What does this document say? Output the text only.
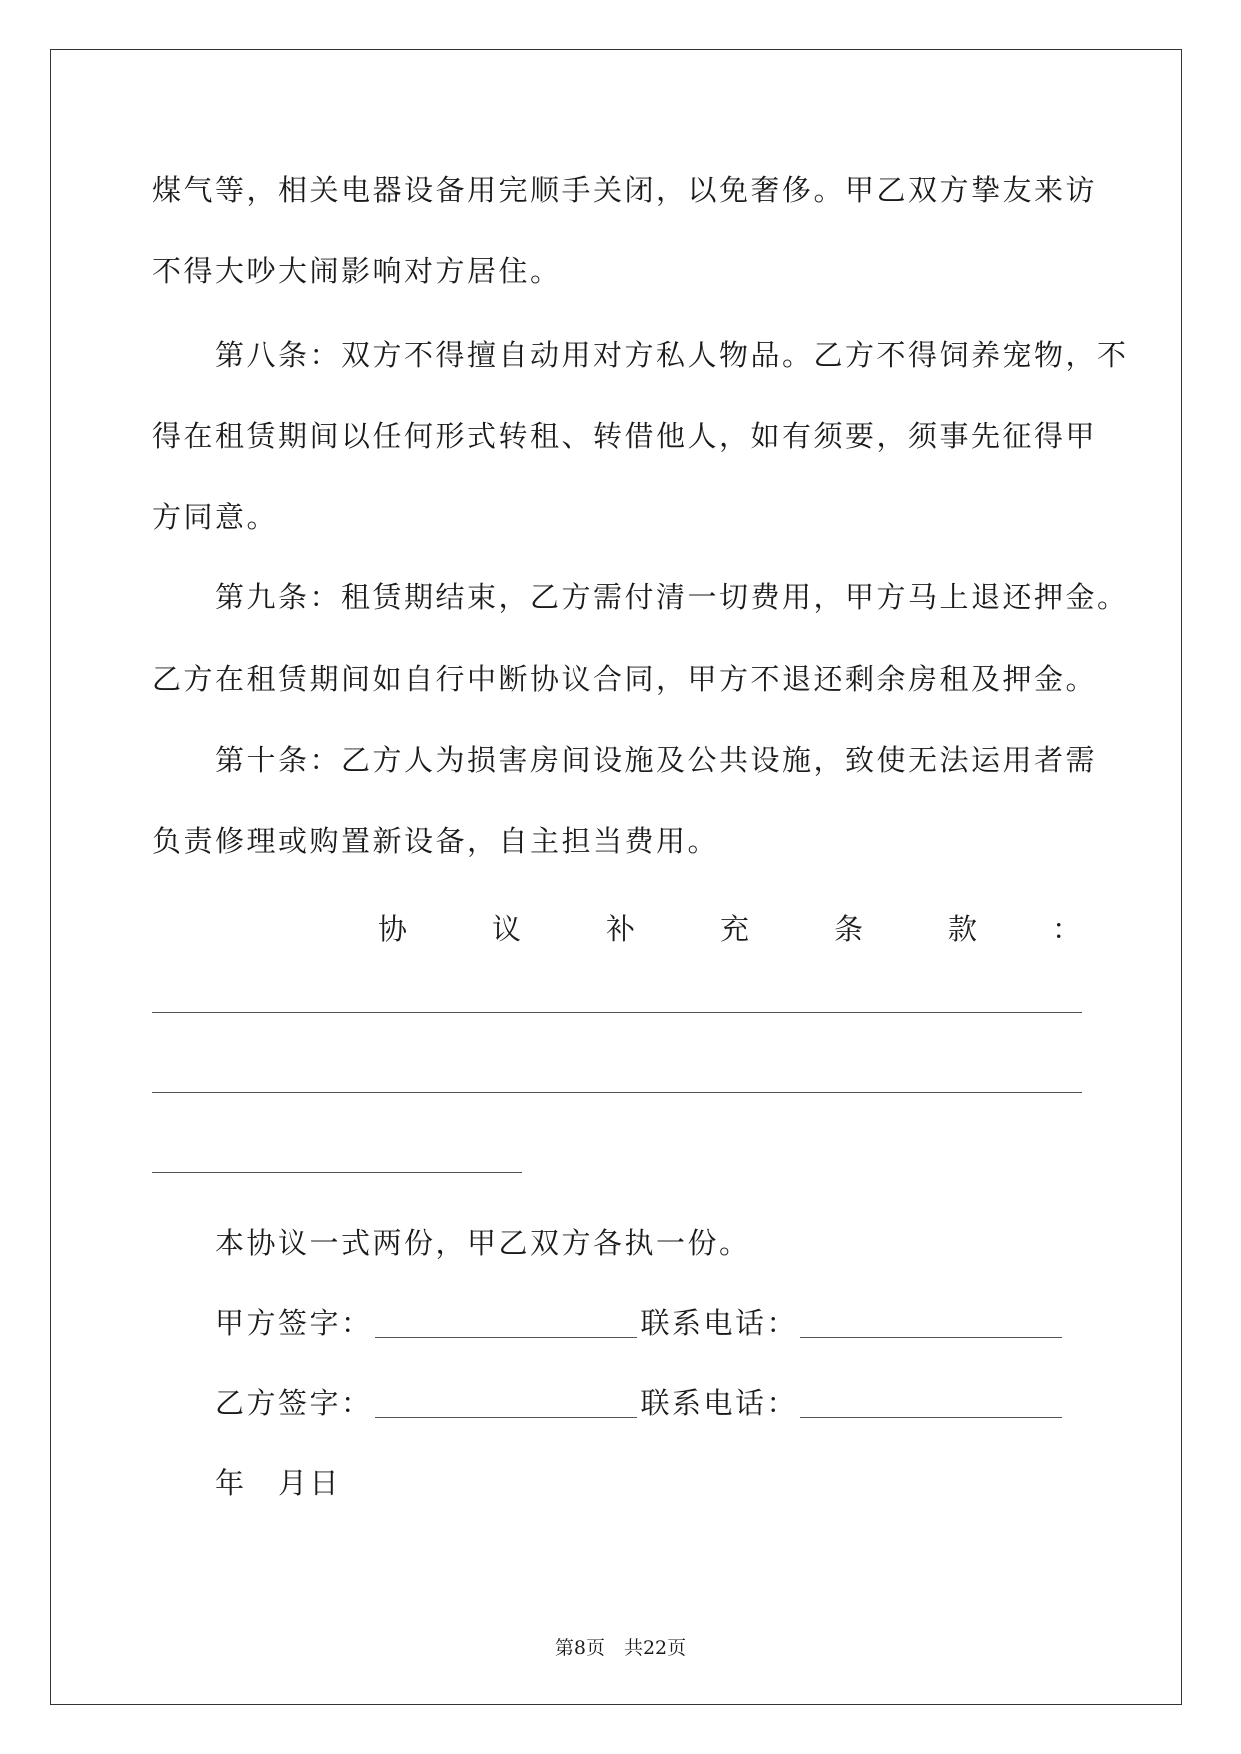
煤气等，相关电器设备用完顺手关闭，以免奢侈。甲乙双方挚友来访
不得大吵大闹影响对方居住。
第八条：双方不得擅自动用对方私人物品。乙方不得饲养宠物，不
得在租赁期间以任何形式转租、转借他人，如有须要，须事先征得甲
方同意。
第九条：租赁期结束，乙方需付清一切费用，甲方马上退还押金。
乙方在租赁期间如自行中断协议合同，甲方不退还剩余房租及押金。
第十条：乙方人为损害房间设施及公共设施，致使无法运用者需
负责修理或购置新设备，自主担当费用。
协	议	补	充	条	款	：
本协议一式两份，甲乙双方各执一份。
甲方签字：	联系电话：
乙方签字：	联系电话：
年　月日
第8页　共22页
